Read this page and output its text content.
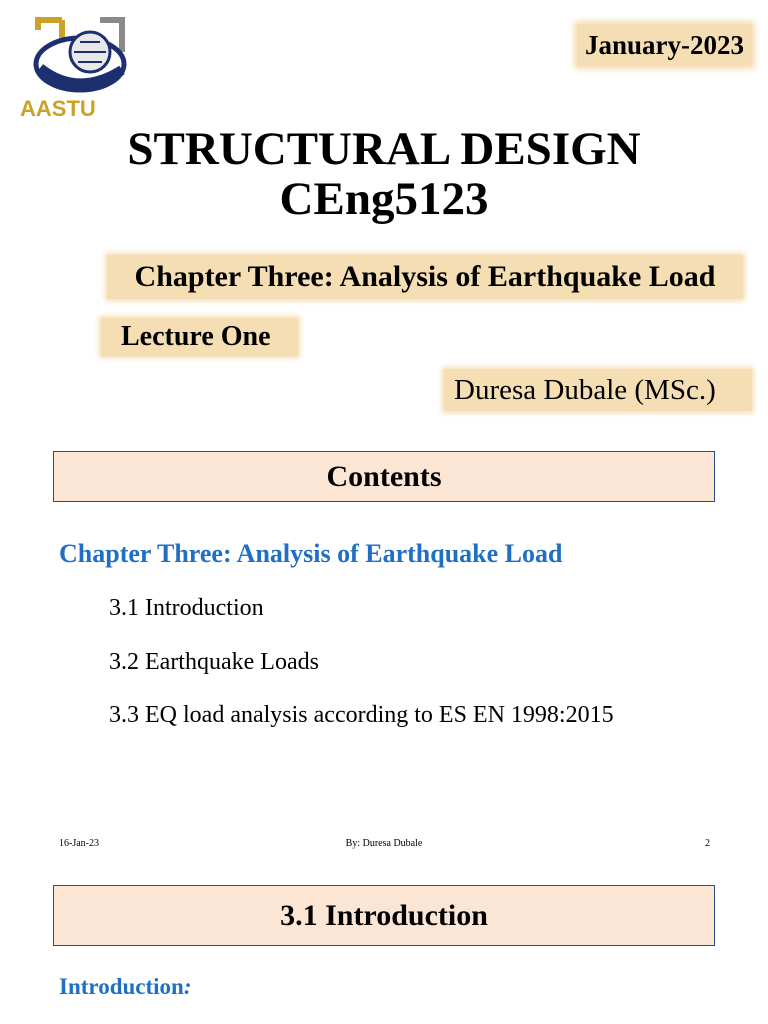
AASTU
January-2023
STRUCTURAL DESIGN
CEng5123
Chapter Three: Analysis of Earthquake Load
Lecture One
Duresa Dubale (MSc.)
Contents
Chapter Three: Analysis of Earthquake Load
3.1 Introduction
3.2 Earthquake Loads
3.3 EQ load analysis according to ES EN 1998:2015
16-Jan-23	By: Duresa Dubale	2
3.1 Introduction
Introduction:
